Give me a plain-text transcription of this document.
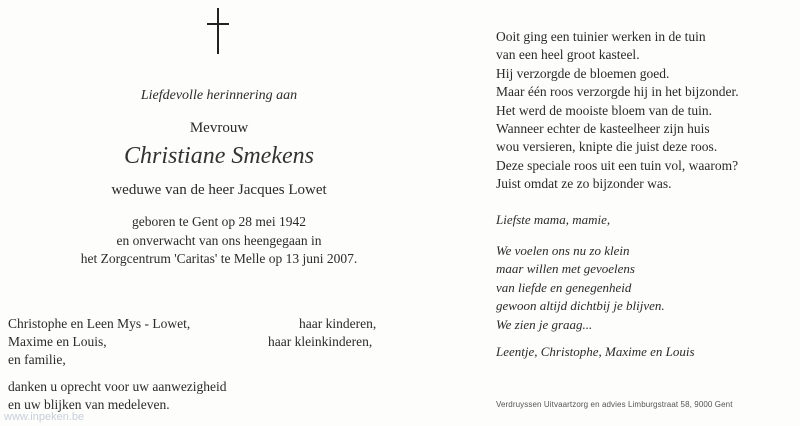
Liefdevolle herinnering aan
Mevrouw
Christiane Smekens
weduwe van de heer Jacques Lowet
geboren te Gent op 28 mei 1942
en onverwacht van ons heengegaan in
het Zorgcentrum 'Caritas' te Melle op 13 juni 2007.
Christophe en Leen Mys - Lowet,	haar kinderen,
Maxime en Louis,	haar kleinkinderen,
en familie,
danken u oprecht voor uw aanwezigheid
en uw blijken van medeleven.
Ooit ging een tuinier werken in de tuin
van een heel groot kasteel.
Hij verzorgde de bloemen goed.
Maar één roos verzorgde hij in het bijzonder.
Het werd de mooiste bloem van de tuin.
Wanneer echter de kasteelheer zijn huis
wou versieren, knipte die juist deze roos.
Deze speciale roos uit een tuin vol, waarom?
Juist omdat ze zo bijzonder was.
Liefste mama, mamie,
We voelen ons nu zo klein
maar willen met gevoelens
van liefde en genegenheid
gewoon altijd dichtbij je blijven.
We zien je graag...
Leentje, Christophe, Maxime en Louis
Verdruyssen Uitvaartzorg en advies Limburgstraat 58, 9000 Gent
www.inpeken.be
